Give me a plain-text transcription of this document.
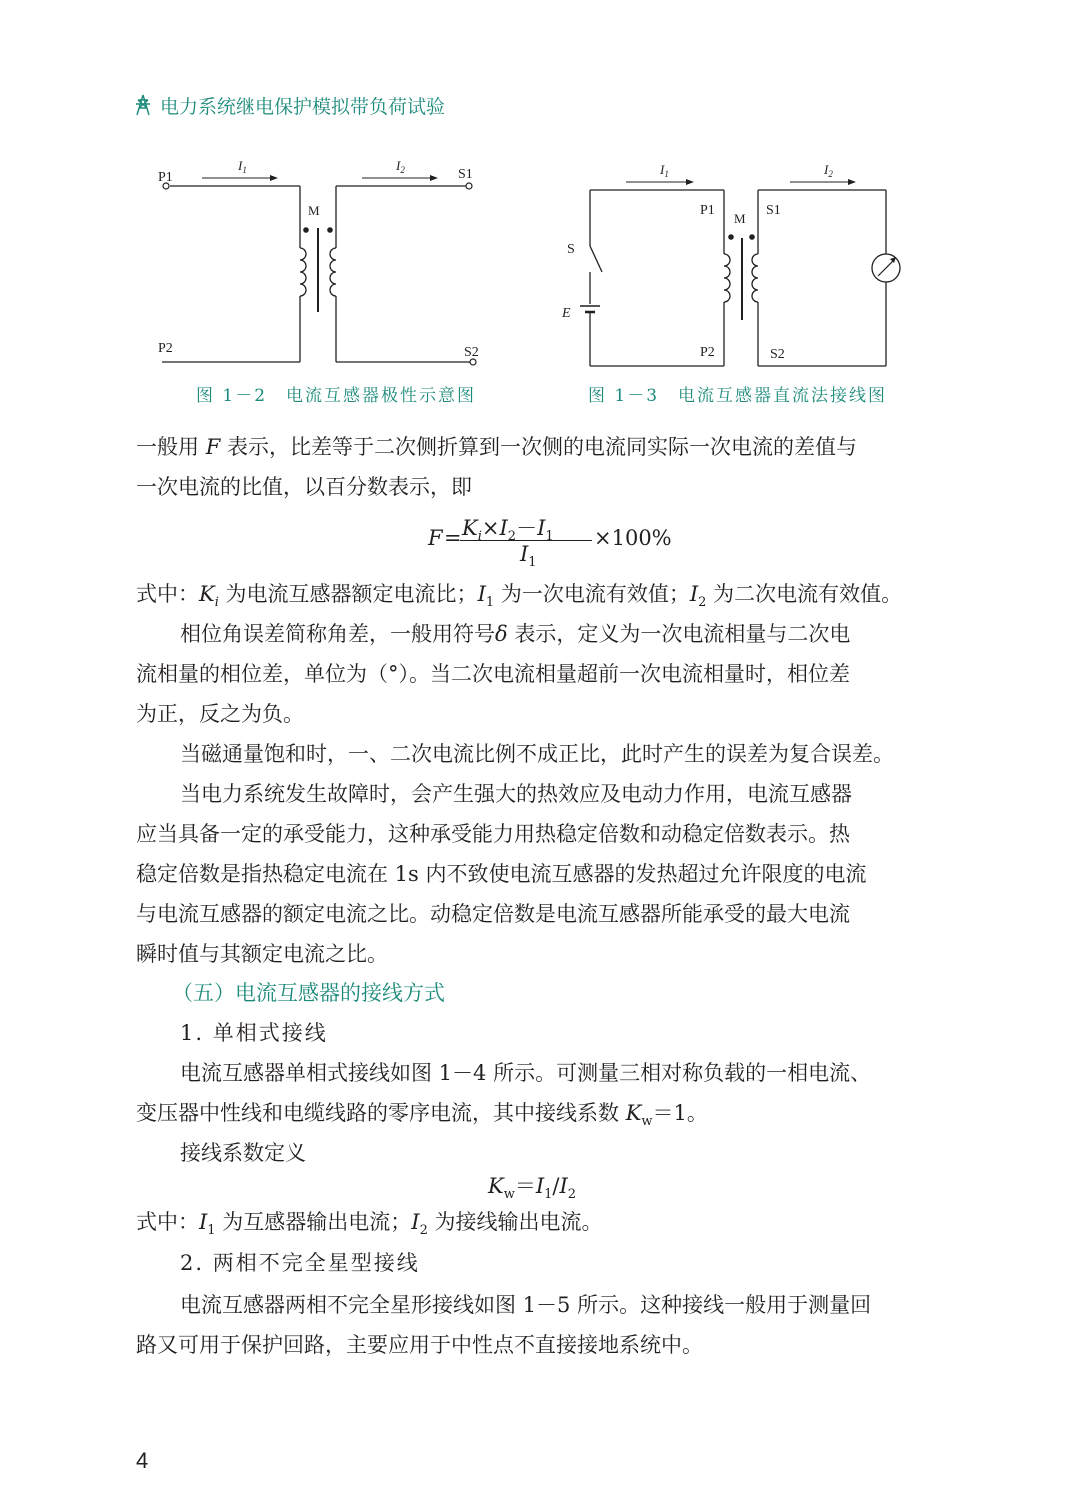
电力系统继电保护模拟带负荷试验
P1
P2
S1
S2
M
$I_1$	$I_2$
图 1－2　电流互感器极性示意图
P1
P2
S1
S2
M
S
E
$I_1$	$I_2$
图 1－3　电流互感器直流法接线图
一般用 F 表示，比差等于二次侧折算到一次侧的电流同实际一次电流的差值与
一次电流的比值，以百分数表示，即
$F = K_i\times I_2-I_1$
$I_1$
×100%
式中：$K_i$ 为电流互感器额定电流比；$I_1$ 为一次电流有效值；$I_2$ 为二次电流有效值。
相位角误差简称角差，一般用符号δ 表示，定义为一次电流相量与二次电
流相量的相位差，单位为（°）。当二次电流相量超前一次电流相量时，相位差
为正，反之为负。
当磁通量饱和时，一、二次电流比例不成正比，此时产生的误差为复合误差。
当电力系统发生故障时，会产生强大的热效应及电动力作用，电流互感器
应当具备一定的承受能力，这种承受能力用热稳定倍数和动稳定倍数表示。热
稳定倍数是指热稳定电流在 1s 内不致使电流互感器的发热超过允许限度的电流
与电流互感器的额定电流之比。动稳定倍数是电流互感器所能承受的最大电流
瞬时值与其额定电流之比。
（五）电流互感器的接线方式
1. 单相式接线
电流互感器单相式接线如图 1－4 所示。可测量三相对称负载的一相电流、
变压器中性线和电缆线路的零序电流，其中接线系数 $K_w=1$。
接线系数定义
$K_w=I_1/I_2$
式中：$I_1$ 为互感器输出电流；$I_2$ 为接线输出电流。
2. 两相不完全星型接线
电流互感器两相不完全星形接线如图 1－5 所示。这种接线一般用于测量回
路又可用于保护回路，主要应用于中性点不直接接地系统中。
4
